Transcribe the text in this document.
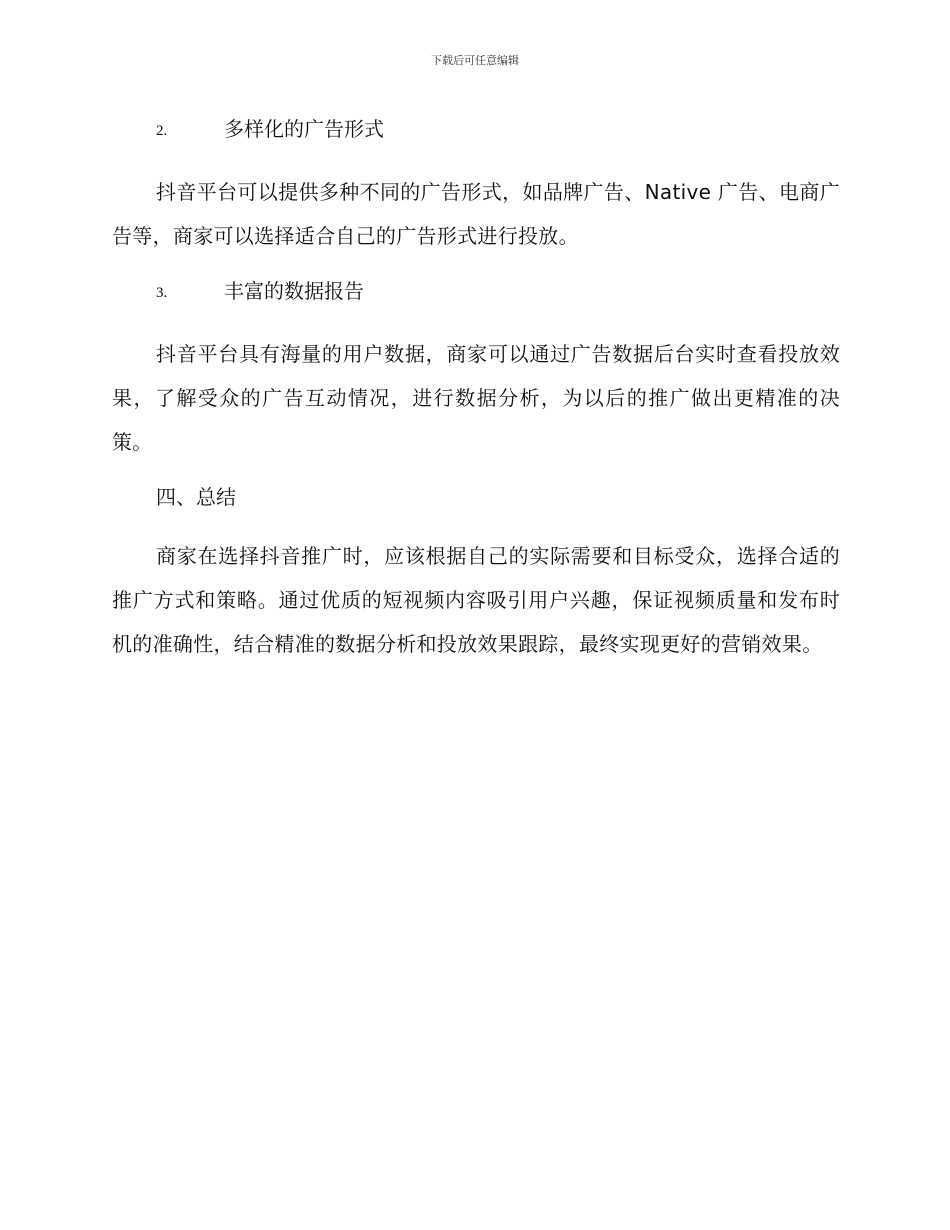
下载后可任意编辑
2.	多样化的广告形式

抖音平台可以提供多种不同的广告形式，如品牌广告、Native 广告、电商广告等，商家可以选择适合自己的广告形式进行投放。

3.	丰富的数据报告

抖音平台具有海量的用户数据，商家可以通过广告数据后台实时查看投放效果，了解受众的广告互动情况，进行数据分析，为以后的推广做出更精准的决策。

四、总结

商家在选择抖音推广时，应该根据自己的实际需要和目标受众，选择合适的推广方式和策略。通过优质的短视频内容吸引用户兴趣，保证视频质量和发布时机的准确性，结合精准的数据分析和投放效果跟踪，最终实现更好的营销效果。
